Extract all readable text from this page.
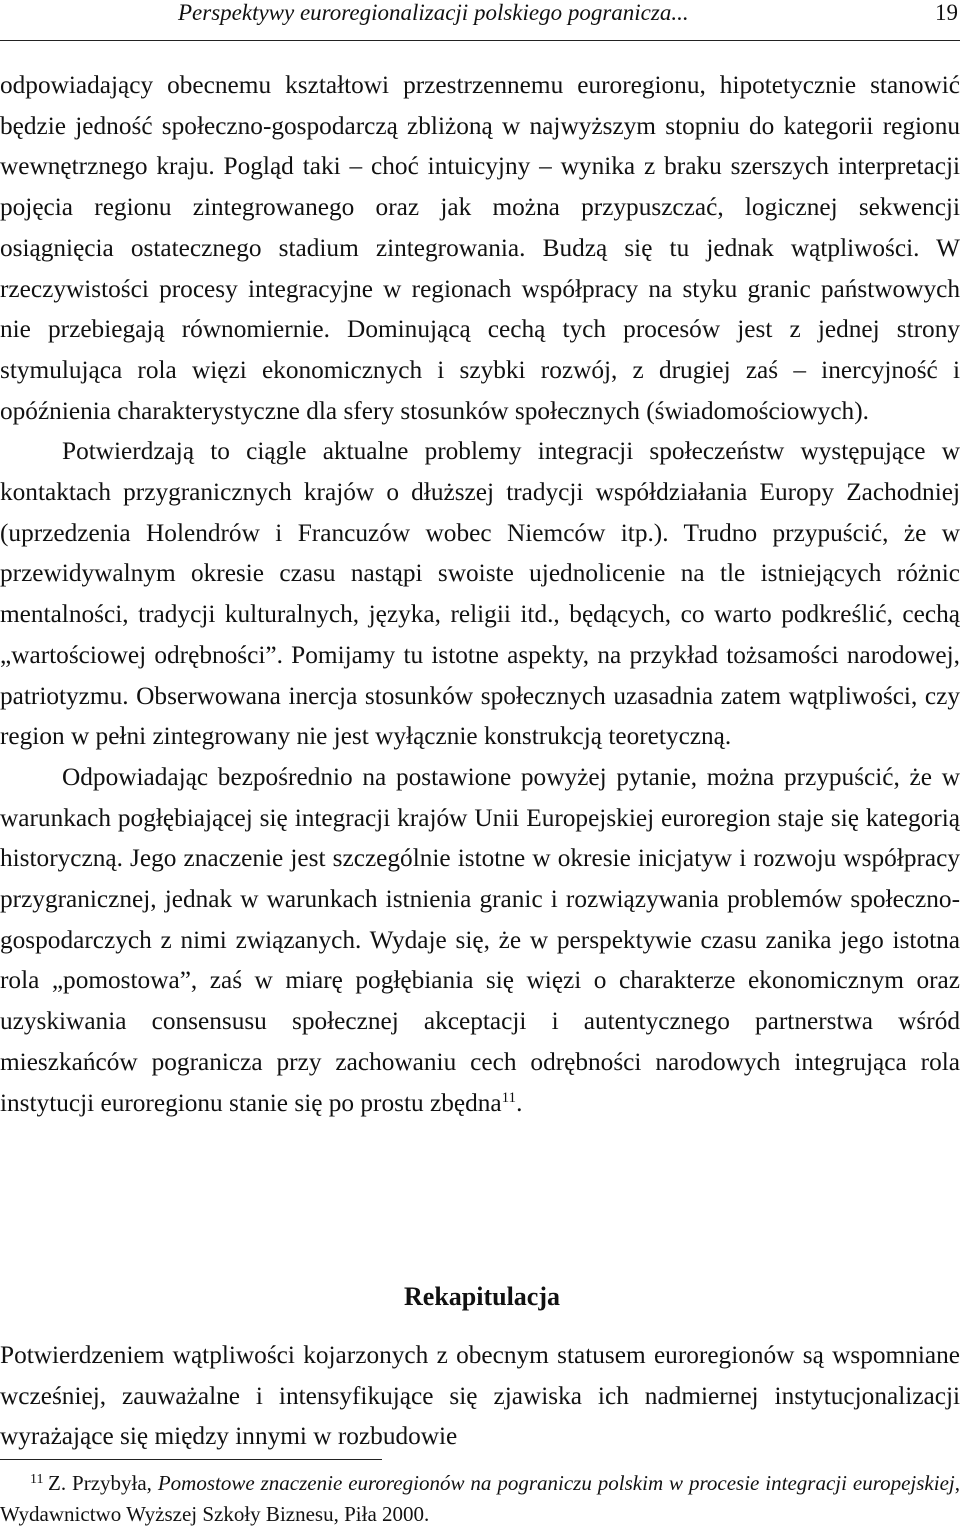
Perspektywy euroregionalizacji polskiego pogranicza...	19

odpowiadający obecnemu kształtowi przestrzennemu euroregionu, hipotetycznie stanowić będzie jedność społeczno-gospodarczą zbliżoną w najwyższym stopniu do kategorii regionu wewnętrznego kraju. Pogląd taki – choć intuicyjny – wynika z braku szerszych interpretacji pojęcia regionu zintegrowanego oraz jak można przypuszczać, logicznej sekwencji osiągnięcia ostatecznego stadium zintegrowania. Budzą się tu jednak wątpliwości. W rzeczywistości procesy integracyjne w regionach współpracy na styku granic państwowych nie przebiegają równomiernie. Dominującą cechą tych procesów jest z jednej strony stymulująca rola więzi ekonomicznych i szybki rozwój, z drugiej zaś – inercyjność i opóźnienia charakterystyczne dla sfery stosunków społecznych (świadomościowych).

Potwierdzają to ciągle aktualne problemy integracji społeczeństw występujące w kontaktach przygranicznych krajów o dłuższej tradycji współdziałania Europy Zachodniej (uprzedzenia Holendrów i Francuzów wobec Niemców itp.). Trudno przypuścić, że w przewidywalnym okresie czasu nastąpi swoiste ujednolicenie na tle istniejących różnic mentalności, tradycji kulturalnych, języka, religii itd., będących, co warto podkreślić, cechą „wartościowej odrębności”. Pomijamy tu istotne aspekty, na przykład tożsamości narodowej, patriotyzmu. Obserwowana inercja stosunków społecznych uzasadnia zatem wątpliwości, czy region w pełni zintegrowany nie jest wyłącznie konstrukcją teoretyczną.

Odpowiadając bezpośrednio na postawione powyżej pytanie, można przypuścić, że w warunkach pogłębiającej się integracji krajów Unii Europejskiej euroregion staje się kategorią historyczną. Jego znaczenie jest szczególnie istotne w okresie inicjatyw i rozwoju współpracy przygranicznej, jednak w warunkach istnienia granic i rozwiązywania problemów społeczno-gospodarczych z nimi związanych. Wydaje się, że w perspektywie czasu zanika jego istotna rola „pomostowa”, zaś w miarę pogłębiania się więzi o charakterze ekonomicznym oraz uzyskiwania consensusu społecznej akceptacji i autentycznego partnerstwa wśród mieszkańców pogranicza przy zachowaniu cech odrębności narodowych integrująca rola instytucji euroregionu stanie się po prostu zbędna$^{11}$.

Rekapitulacja

Potwierdzeniem wątpliwości kojarzonych z obecnym statusem euroregionów są wspomniane wcześniej, zauważalne i intensyfikujące się zjawiska ich nadmiernej instytucjonalizacji wyrażające się między innymi w rozbudowie

11 Z. Przybyła, Pomostowe znaczenie euroregionów na pograniczu polskim w procesie integracji europejskiej, Wydawnictwo Wyższej Szkoły Biznesu, Piła 2000.
